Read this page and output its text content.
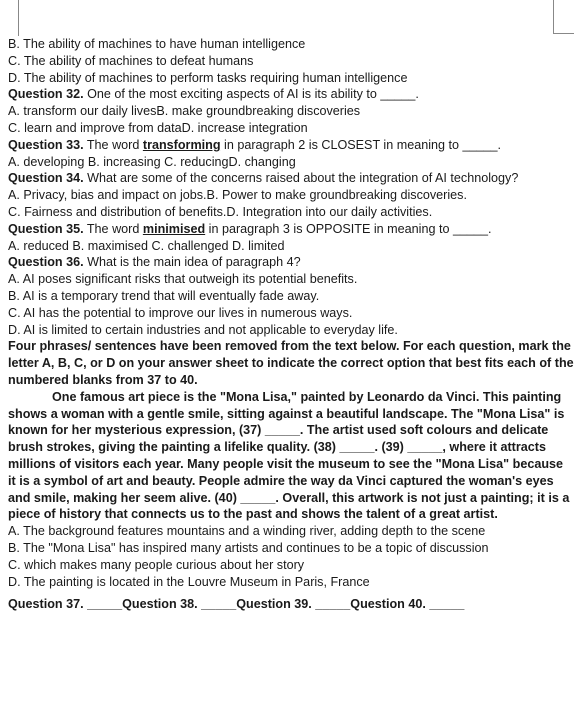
B. The ability of machines to have human intelligence
C. The ability of machines to defeat humans
D. The ability of machines to perform tasks requiring human intelligence
Question 32. One of the most exciting aspects of AI is its ability to _____.
A. transform our daily livesB. make groundbreaking discoveries
C. learn and improve from dataD. increase integration
Question 33. The word transforming in paragraph 2 is CLOSEST in meaning to _____.
A. developing B. increasing C. reducingD. changing
Question 34. What are some of the concerns raised about the integration of AI technology?
A. Privacy, bias and impact on jobs.B. Power to make groundbreaking discoveries.
C. Fairness and distribution of benefits.D. Integration into our daily activities.
Question 35. The word minimised in paragraph 3 is OPPOSITE in meaning to _____.
A. reduced B. maximised C. challenged D. limited
Question 36. What is the main idea of paragraph 4?
A. AI poses significant risks that outweigh its potential benefits.
B. AI is a temporary trend that will eventually fade away.
C. AI has the potential to improve our lives in numerous ways.
D. AI is limited to certain industries and not applicable to everyday life.
Four phrases/ sentences have been removed from the text below. For each question, mark the letter A, B, C, or D on your answer sheet to indicate the correct option that best fits each of the numbered blanks from 37 to 40.
One famous art piece is the "Mona Lisa," painted by Leonardo da Vinci. This painting shows a woman with a gentle smile, sitting against a beautiful landscape. The "Mona Lisa" is known for her mysterious expression, (37) _____. The artist used soft colours and delicate brush strokes, giving the painting a lifelike quality. (38) _____. (39) _____, where it attracts millions of visitors each year. Many people visit the museum to see the "Mona Lisa" because it is a symbol of art and beauty. People admire the way da Vinci captured the woman's eyes and smile, making her seem alive. (40) _____. Overall, this artwork is not just a painting; it is a piece of history that connects us to the past and shows the talent of a great artist.
A. The background features mountains and a winding river, adding depth to the scene
B. The "Mona Lisa" has inspired many artists and continues to be a topic of discussion
C. which makes many people curious about her story
D. The painting is located in the Louvre Museum in Paris, France
Question 37. _____Question 38. _____Question 39. _____Question 40. _____
